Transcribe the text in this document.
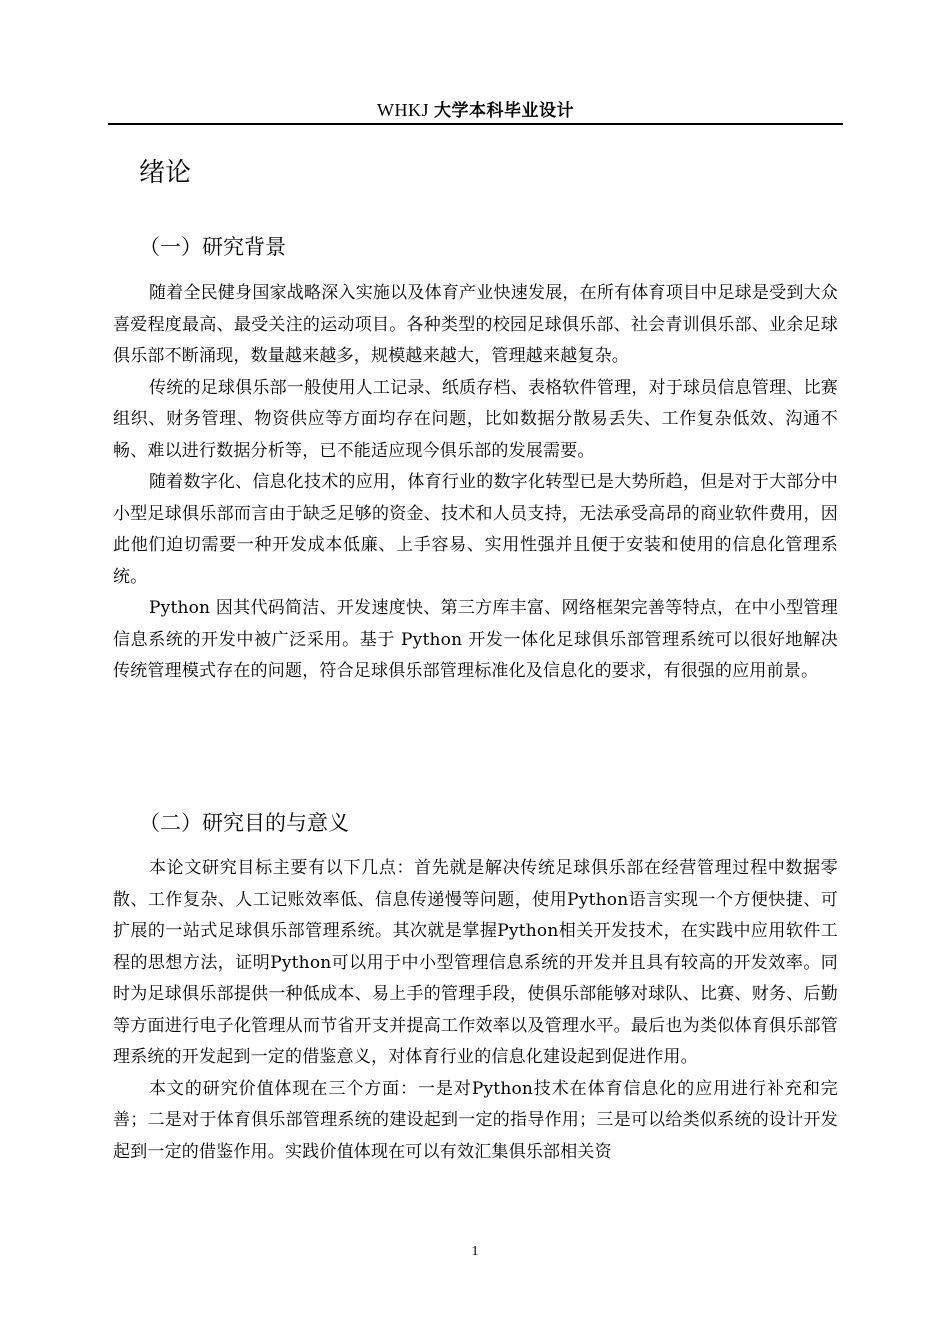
WHKJ 大学本科毕业设计
绪论
（一）研究背景

随着全民健身国家战略深入实施以及体育产业快速发展，在所有体育项目中足球是受到大众喜爱程度最高、最受关注的运动项目。各种类型的校园足球俱乐部、社会青训俱乐部、业余足球俱乐部不断涌现，数量越来越多，规模越来越大，管理越来越复杂。

传统的足球俱乐部一般使用人工记录、纸质存档、表格软件管理，对于球员信息管理、比赛组织、财务管理、物资供应等方面均存在问题，比如数据分散易丢失、工作复杂低效、沟通不畅、难以进行数据分析等，已不能适应现今俱乐部的发展需要。

随着数字化、信息化技术的应用，体育行业的数字化转型已是大势所趋，但是对于大部分中小型足球俱乐部而言由于缺乏足够的资金、技术和人员支持，无法承受高昂的商业软件费用，因此他们迫切需要一种开发成本低廉、上手容易、实用性强并且便于安装和使用的信息化管理系统。

Python 因其代码简洁、开发速度快、第三方库丰富、网络框架完善等特点，在中小型管理信息系统的开发中被广泛采用。基于 Python 开发一体化足球俱乐部管理系统可以很好地解决传统管理模式存在的问题，符合足球俱乐部管理标准化及信息化的要求，有很强的应用前景。

（二）研究目的与意义

本论文研究目标主要有以下几点：首先就是解决传统足球俱乐部在经营管理过程中数据零散、工作复杂、人工记账效率低、信息传递慢等问题，使用Python语言实现一个方便快捷、可扩展的一站式足球俱乐部管理系统。其次就是掌握Python相关开发技术，在实践中应用软件工程的思想方法，证明Python可以用于中小型管理信息系统的开发并且具有较高的开发效率。同时为足球俱乐部提供一种低成本、易上手的管理手段，使俱乐部能够对球队、比赛、财务、后勤等方面进行电子化管理从而节省开支并提高工作效率以及管理水平。最后也为类似体育俱乐部管理系统的开发起到一定的借鉴意义，对体育行业的信息化建设起到促进作用。

本文的研究价值体现在三个方面：一是对Python技术在体育信息化的应用进行补充和完善；二是对于体育俱乐部管理系统的建设起到一定的指导作用；三是可以给类似系统的设计开发起到一定的借鉴作用。实践价值体现在可以有效汇集俱乐部相关资

1
